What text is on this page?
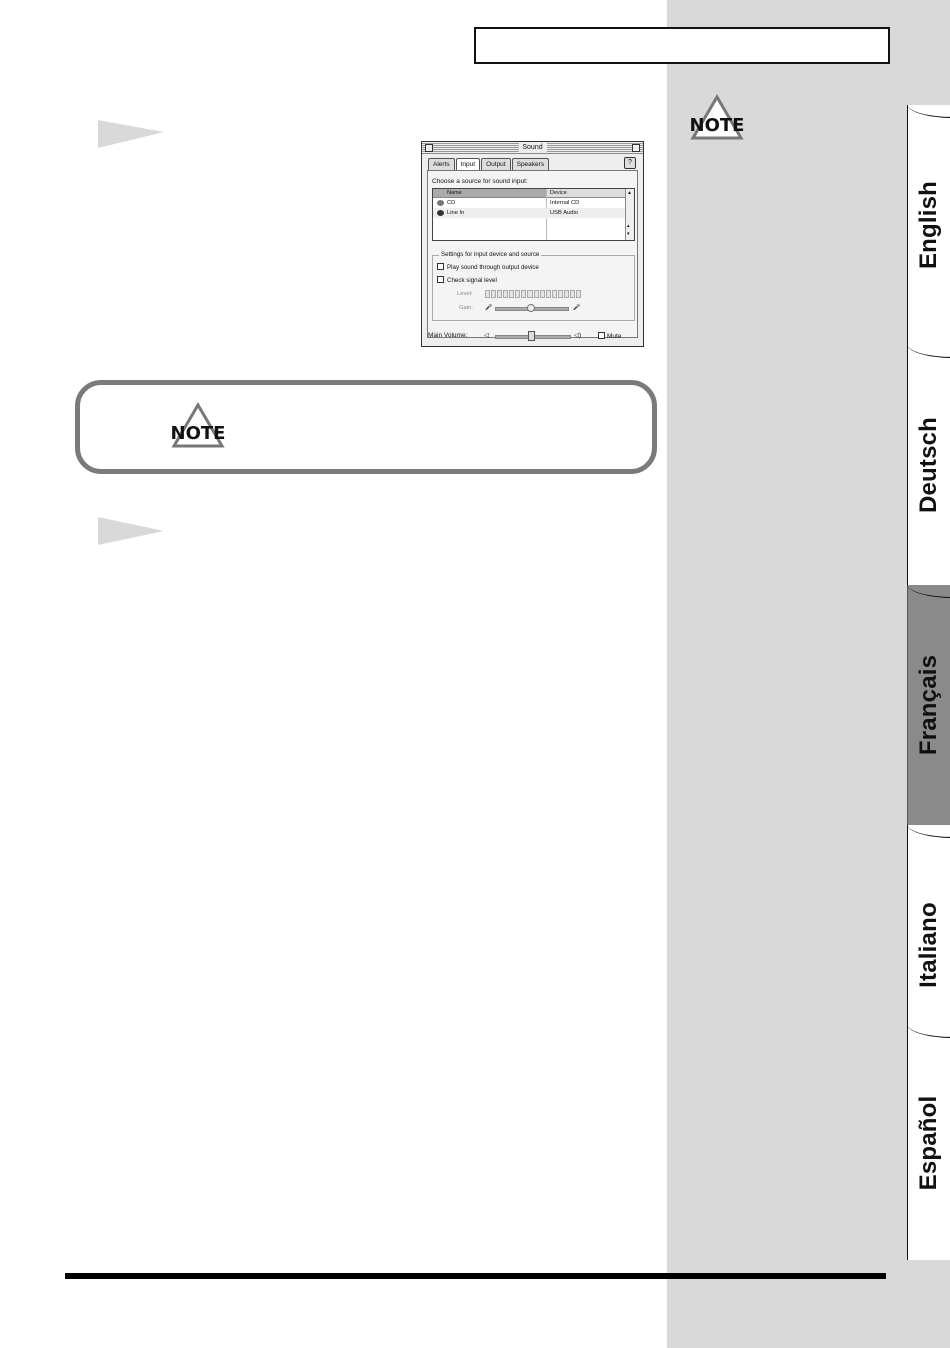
NOTE
Sound
Alerts	Input	Output	Speakers	?
Choose a source for sound input:
Name	Device
CD	Internal CD
Line In	USB Audio
▲
▴
▾
Settings for input device and source
Play sound through output device
Check signal level
Level:
Gain: 🎤	🎤
Main Volume:	◁	◁)	Mute
NOTE
English
Deutsch
Français
Italiano
Español
